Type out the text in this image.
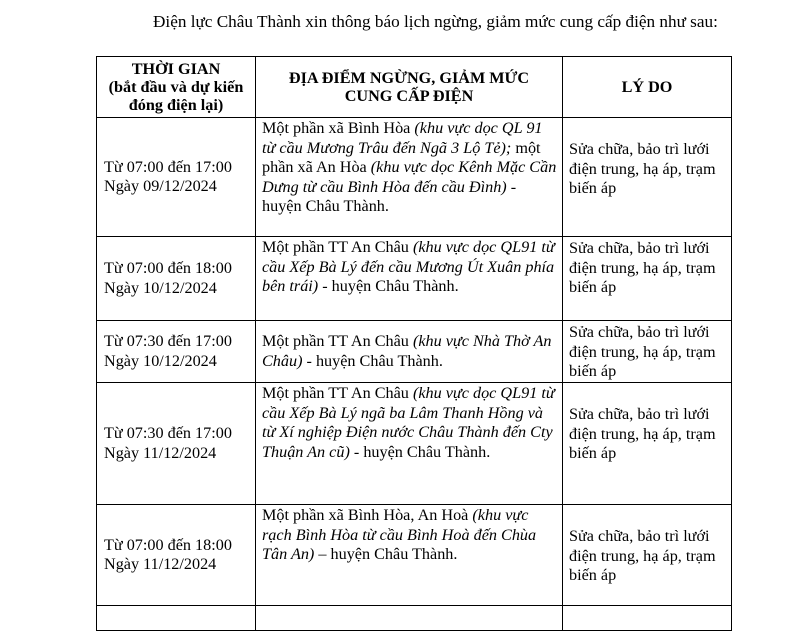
Điện lực Châu Thành xin thông báo lịch ngừng, giảm mức cung cấp điện như sau:

THỜI GIAN
(bắt đầu và dự kiến
đóng điện lại)	ĐỊA ĐIỂM NGỪNG, GIẢM MỨC
CUNG CẤP ĐIỆN	LÝ DO

Từ 07:00 đến 17:00
Ngày 09/12/2024	Một phần xã Bình Hòa (khu vực dọc QL 91 từ cầu Mương Trâu đến Ngã 3 Lộ Tẻ); một phần xã An Hòa (khu vực dọc Kênh Mặc Cần Dưng từ cầu Bình Hòa đến cầu Đình) - huyện Châu Thành.	Sửa chữa, bảo trì lưới điện trung, hạ áp, trạm biến áp

Từ 07:00 đến 18:00
Ngày 10/12/2024	Một phần TT An Châu (khu vực dọc QL91 từ cầu Xếp Bà Lý đến cầu Mương Út Xuân phía bên trái) - huyện Châu Thành.	Sửa chữa, bảo trì lưới điện trung, hạ áp, trạm biến áp

Từ 07:30 đến 17:00
Ngày 10/12/2024	Một phần TT An Châu (khu vực Nhà Thờ An Châu) - huyện Châu Thành.	Sửa chữa, bảo trì lưới điện trung, hạ áp, trạm biến áp

Từ 07:30 đến 17:00
Ngày 11/12/2024	Một phần TT An Châu (khu vực dọc QL91 từ cầu Xếp Bà Lý ngã ba Lâm Thanh Hồng và từ Xí nghiệp Điện nước Châu Thành đến Cty Thuận An cũ) - huyện Châu Thành.	Sửa chữa, bảo trì lưới điện trung, hạ áp, trạm biến áp

Từ 07:00 đến 18:00
Ngày 11/12/2024	Một phần xã Bình Hòa, An Hoà (khu vực rạch Bình Hòa từ cầu Bình Hoà đến Chùa Tân An) – huyện Châu Thành.	Sửa chữa, bảo trì lưới điện trung, hạ áp, trạm biến áp
